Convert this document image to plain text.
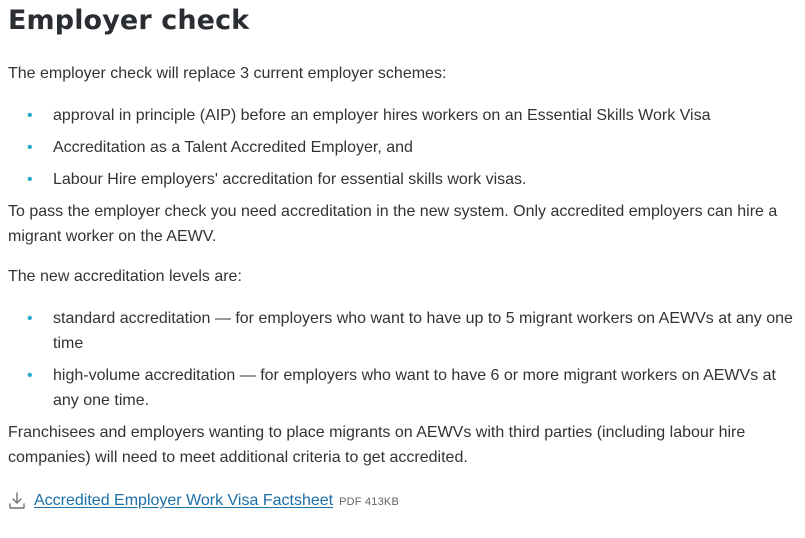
Employer check

The employer check will replace 3 current employer schemes:

• approval in principle (AIP) before an employer hires workers on an Essential Skills Work Visa
• Accreditation as a Talent Accredited Employer, and
• Labour Hire employers' accreditation for essential skills work visas.

To pass the employer check you need accreditation in the new system. Only accredited employers can hire a migrant worker on the AEWV.

The new accreditation levels are:

• standard accreditation — for employers who want to have up to 5 migrant workers on AEWVs at any one time
• high-volume accreditation — for employers who want to have 6 or more migrant workers on AEWVs at any one time.

Franchisees and employers wanting to place migrants on AEWVs with third parties (including labour hire companies) will need to meet additional criteria to get accredited.

Accredited Employer Work Visa Factsheet PDF 413KB
